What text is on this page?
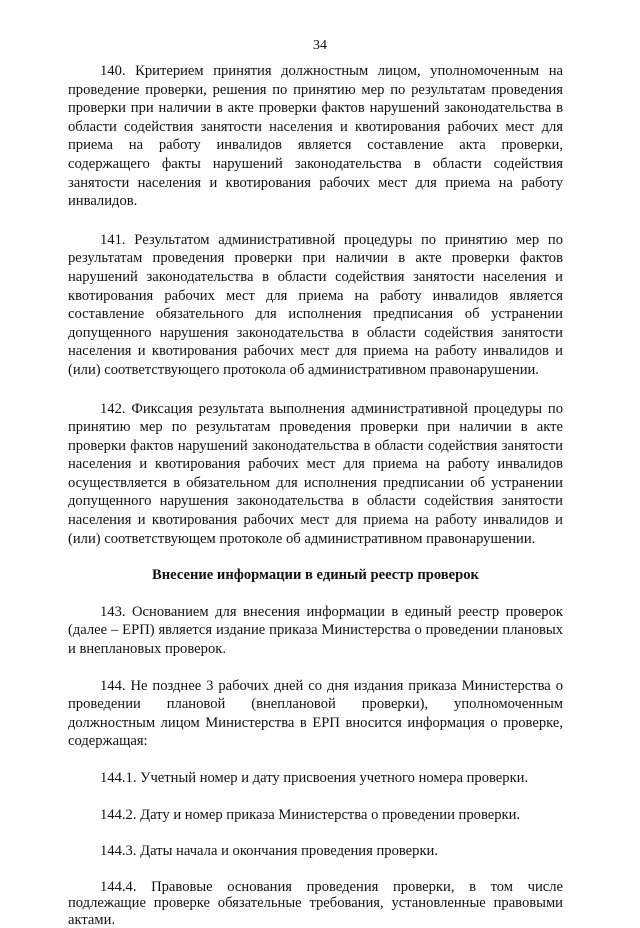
34

140. Критерием принятия должностным лицом, уполномоченным на проведение проверки, решения по принятию мер по результатам проведения проверки при наличии в акте проверки фактов нарушений законодательства в области содействия занятости населения и квотирования рабочих мест для приема на работу инвалидов является составление акта проверки, содержащего факты нарушений законодательства в области содействия занятости населения и квотирования рабочих мест для приема на работу инвалидов.

141. Результатом административной процедуры по принятию мер по результатам проведения проверки при наличии в акте проверки фактов нарушений законодательства в области содействия занятости населения и квотирования рабочих мест для приема на работу инвалидов является составление обязательного для исполнения предписания об устранении допущенного нарушения законодательства в области содействия занятости населения и квотирования рабочих мест для приема на работу инвалидов и (или) соответствующего протокола об административном правонарушении.

142. Фиксация результата выполнения административной процедуры по принятию мер по результатам проведения проверки при наличии в акте проверки фактов нарушений законодательства в области содействия занятости населения и квотирования рабочих мест для приема на работу инвалидов осуществляется в обязательном для исполнения предписании об устранении допущенного нарушения законодательства в области содействия занятости населения и квотирования рабочих мест для приема на работу инвалидов и (или) соответствующем протоколе об административном правонарушении.

Внесение информации в единый реестр проверок

143. Основанием для внесения информации в единый реестр проверок (далее – ЕРП) является издание приказа Министерства о проведении плановых и внеплановых проверок.

144. Не позднее 3 рабочих дней со дня издания приказа Министерства о проведении плановой (внеплановой проверки), уполномоченным должностным лицом Министерства в ЕРП вносится информация о проверке, содержащая:

144.1. Учетный номер и дату присвоения учетного номера проверки.

144.2. Дату и номер приказа Министерства о проведении проверки.

144.3. Даты начала и окончания проведения проверки.

144.4. Правовые основания проведения проверки, в том числе подлежащие проверке обязательные требования, установленные правовыми актами.
